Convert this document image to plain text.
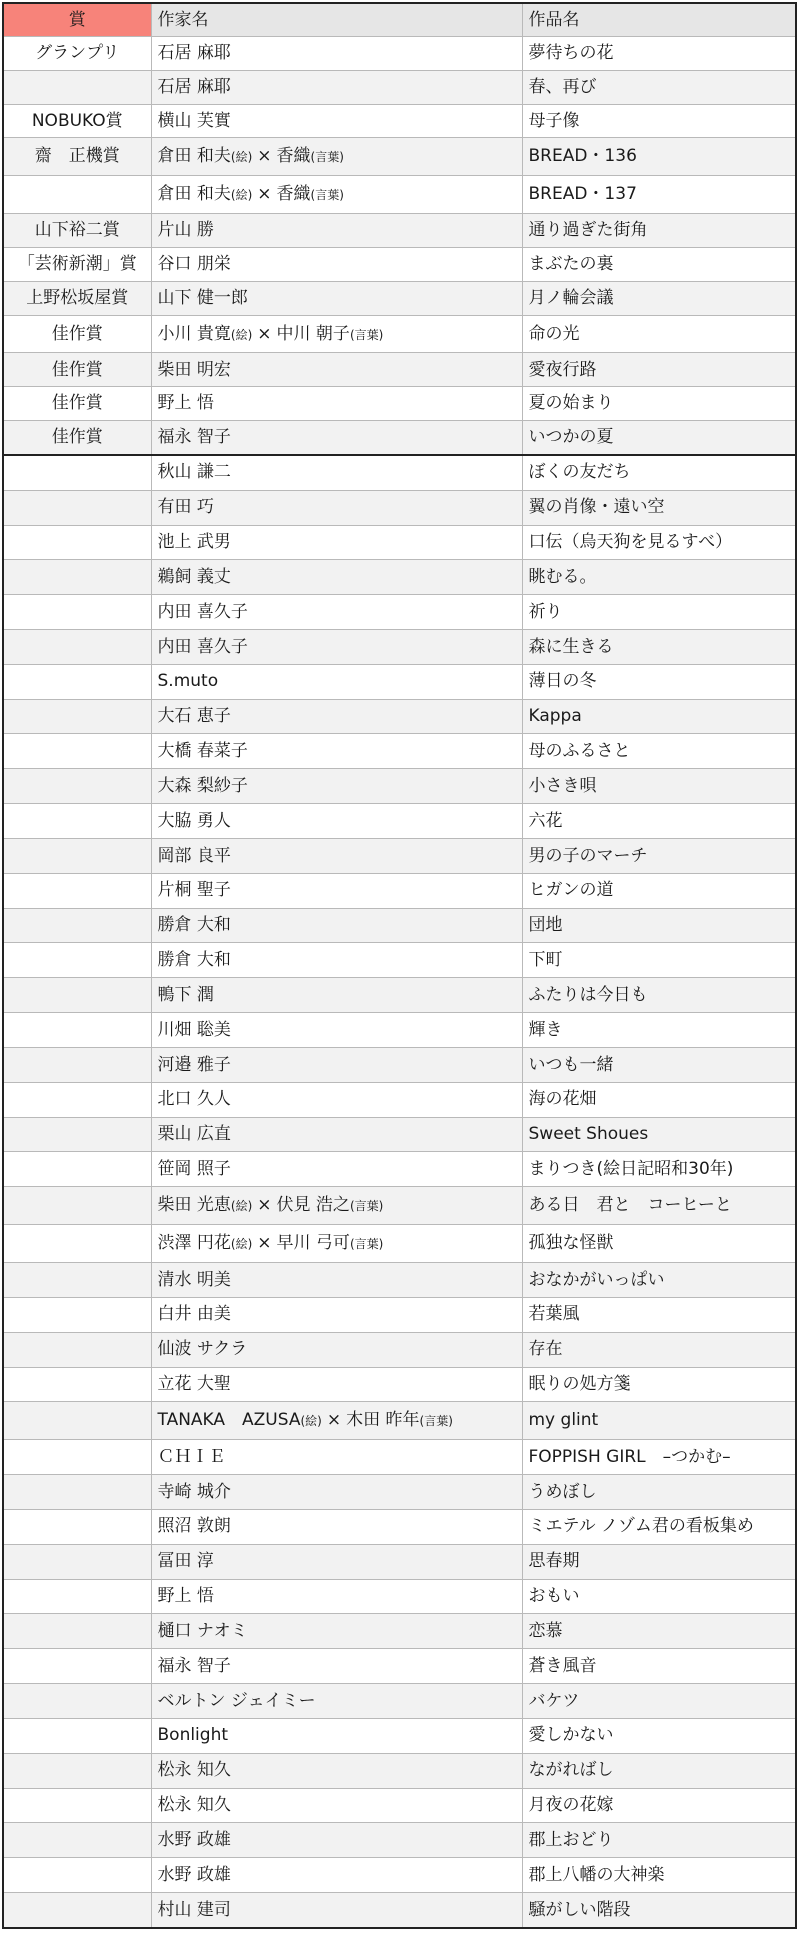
賞	作家名	作品名
グランプリ	石居 麻耶	夢待ちの花
	石居 麻耶	春、再び
NOBUKO賞	横山 芙實	母子像
齋　正機賞	倉田 和夫(絵) × 香織(言葉)	BREAD・136
	倉田 和夫(絵) × 香織(言葉)	BREAD・137
山下裕二賞	片山 勝	通り過ぎた街角
「芸術新潮」賞	谷口 朋栄	まぶたの裏
上野松坂屋賞	山下 健一郎	月ノ輪会議
佳作賞	小川 貴寛(絵) × 中川 朝子(言葉)	命の光
佳作賞	柴田 明宏	愛夜行路
佳作賞	野上 悟	夏の始まり
佳作賞	福永 智子	いつかの夏
	秋山 謙二	ぼくの友だち
	有田 巧	翼の肖像・遠い空
	池上 武男	口伝（烏天狗を見るすべ）
	鵜飼 義丈	眺むる。
	内田 喜久子	祈り
	内田 喜久子	森に生きる
	S.muto	薄日の冬
	大石 恵子	Kappa
	大橋 春菜子	母のふるさと
	大森 梨紗子	小さき唄
	大脇 勇人	六花
	岡部 良平	男の子のマーチ
	片桐 聖子	ヒガンの道
	勝倉 大和	団地
	勝倉 大和	下町
	鴨下 潤	ふたりは今日も
	川畑 聡美	輝き
	河邉 雅子	いつも一緒
	北口 久人	海の花畑
	栗山 広直	Sweet Shoues
	笹岡 照子	まりつき(絵日記昭和30年)
	柴田 光恵(絵) × 伏見 浩之(言葉)	ある日　君と　コーヒーと
	渋澤 円花(絵) × 早川 弓可(言葉)	孤独な怪獣
	清水 明美	おなかがいっぱい
	白井 由美	若葉風
	仙波 サクラ	存在
	立花 大聖	眠りの処方箋
	TANAKA　AZUSA(絵) × 木田 昨年(言葉)	my glint
	ＣＨＩＥ	FOPPISH GIRL　–つかむ–
	寺崎 城介	うめぼし
	照沼 敦朗	ミエテル ノゾム君の看板集め
	冨田 淳	思春期
	野上 悟	おもい
	樋口 ナオミ	恋慕
	福永 智子	蒼き風音
	ベルトン ジェイミー	バケツ
	Bonlight	愛しかない
	松永 知久	ながればし
	松永 知久	月夜の花嫁
	水野 政雄	郡上おどり
	水野 政雄	郡上八幡の大神楽
	村山 建司	騒がしい階段
